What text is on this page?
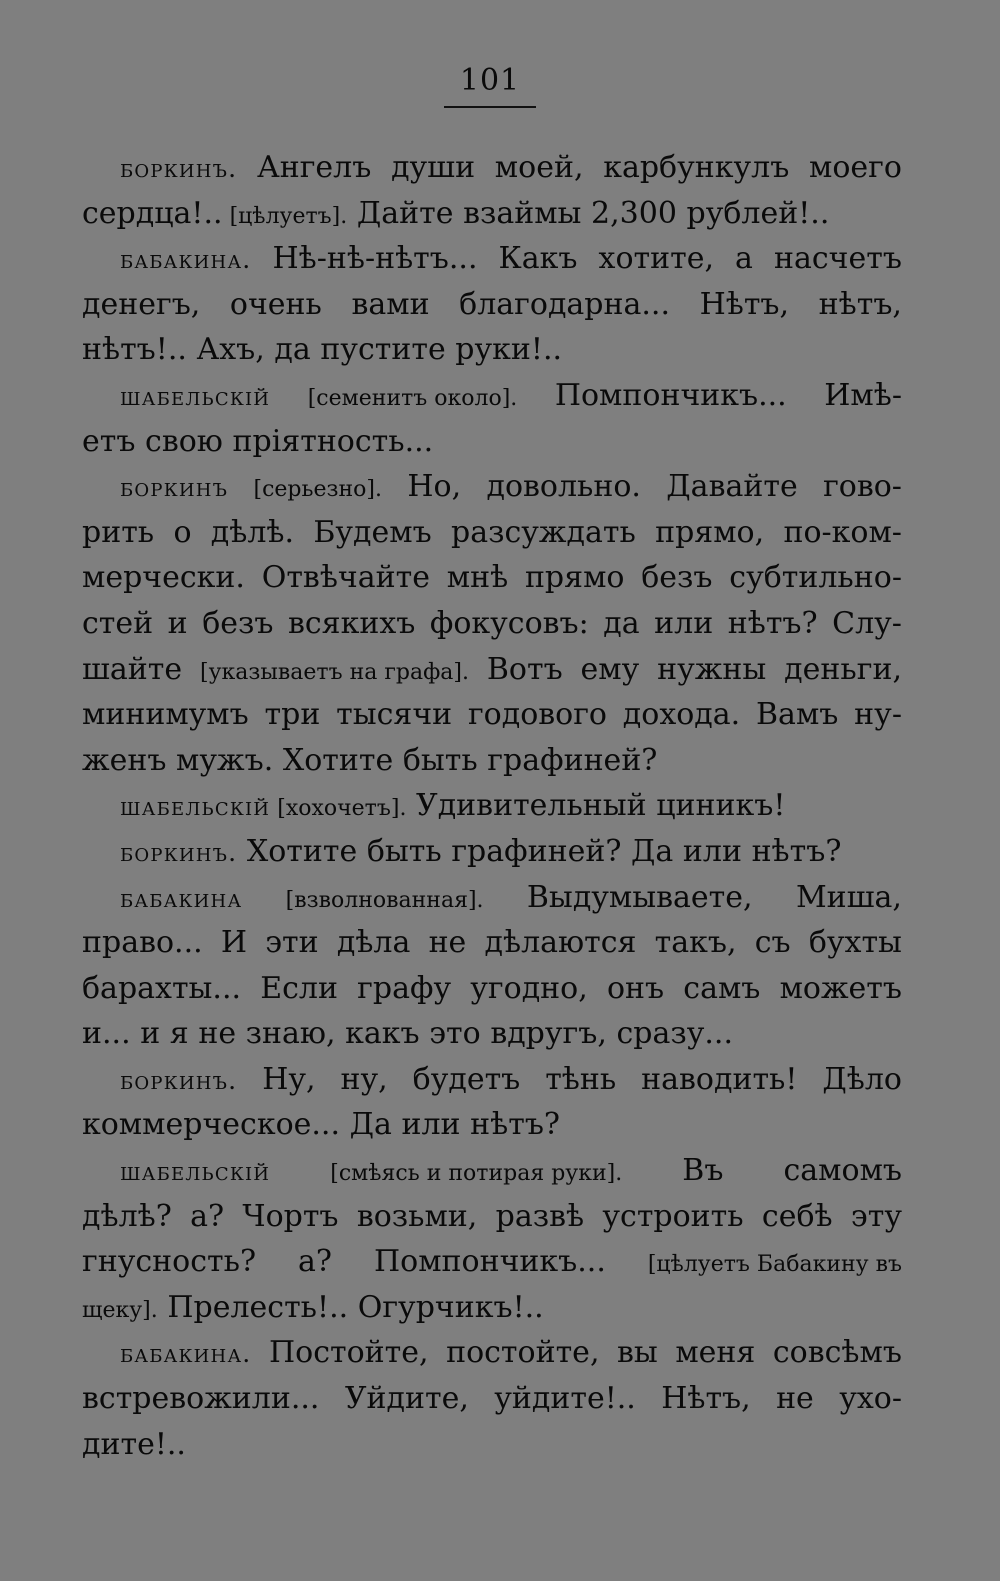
101
боркинъ. Ангелъ души моей, карбункулъ моего
сердца!.. [цѣлуетъ]. Дайте взаймы 2,300 рублей!..
бабакина. Нѣ-нѣ-нѣтъ... Какъ хотите, а насчетъ
денегъ, очень вами благодарна... Нѣтъ, нѣтъ,
нѣтъ!.. Ахъ, да пустите руки!..
шабельскій [семенитъ около]. Помпончикъ... Имѣ-
етъ свою пріятность...
боркинъ [серьезно]. Но, довольно. Давайте гово-
рить о дѣлѣ. Будемъ разсуждать прямо, по-ком-
мерчески. Отвѣчайте мнѣ прямо безъ субтильно-
стей и безъ всякихъ фокусовъ: да или нѣтъ? Слу-
шайте [указываетъ на графа]. Вотъ ему нужны деньги,
минимумъ три тысячи годового дохода. Вамъ ну-
женъ мужъ. Хотите быть графиней?
шабельскій [хохочетъ]. Удивительный циникъ!
боркинъ. Хотите быть графиней? Да или нѣтъ?
бабакина [взволнованная]. Выдумываете, Миша,
право... И эти дѣла не дѣлаются такъ, съ бухты
барахты... Если графу угодно, онъ самъ можетъ
и... и я не знаю, какъ это вдругъ, сразу...
боркинъ. Ну, ну, будетъ тѣнь наводить! Дѣло
коммерческое... Да или нѣтъ?
шабельскій	[смѣясь и потирая руки]. Въ самомъ
дѣлѣ? а? Чортъ возьми, развѣ устроить себѣ эту
гнусность? а? Помпончикъ... [цѣлуетъ Бабакину въ
щеку]. Прелесть!.. Огурчикъ!..
бабакина. Постойте, постойте, вы меня совсѣмъ
встревожили... Уйдите, уйдите!.. Нѣтъ, не ухо-
дите!..
